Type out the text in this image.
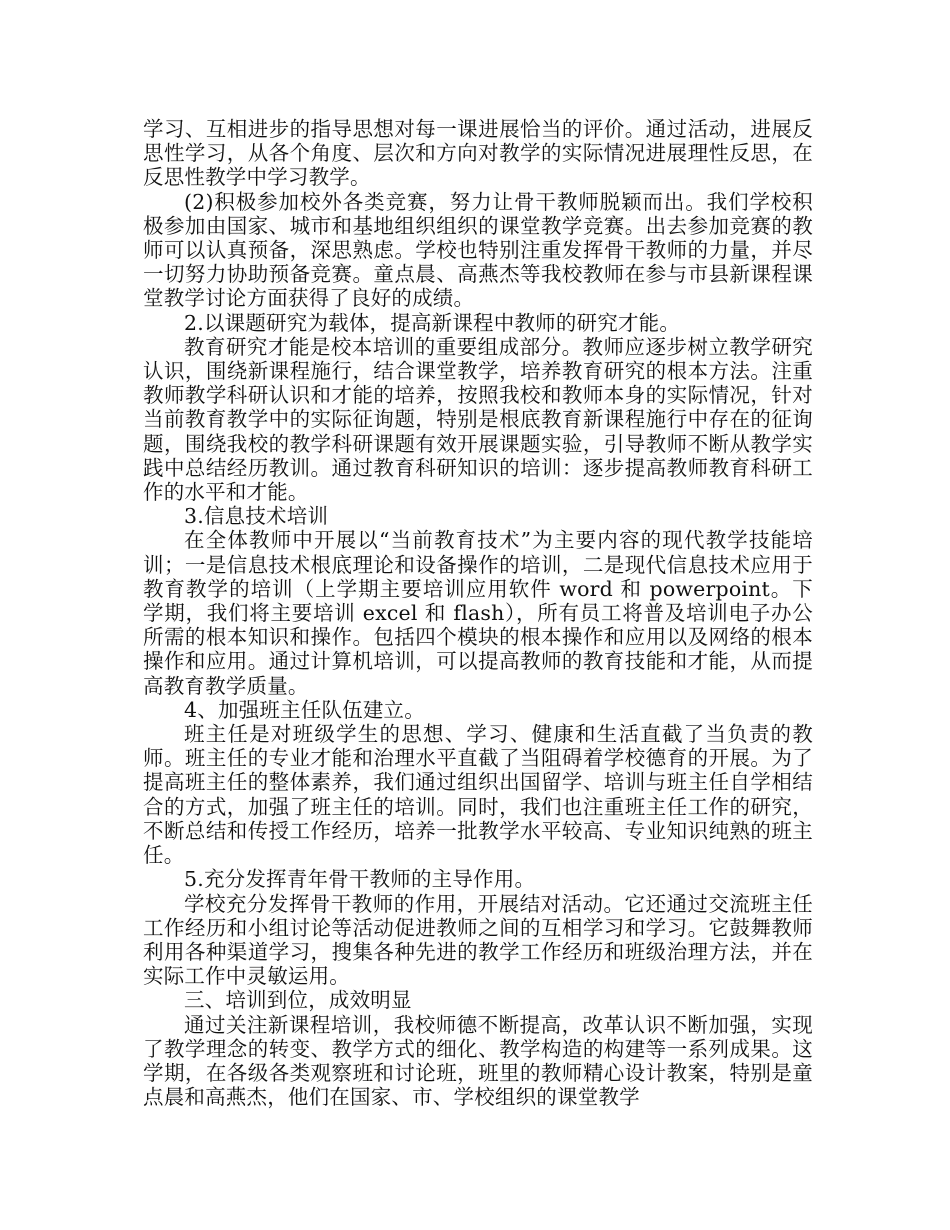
学习、互相进步的指导思想对每一课进展恰当的评价。通过活动，进展反思性学习，从各个角度、层次和方向对教学的实际情况进展理性反思，在反思性教学中学习教学。

(2)积极参加校外各类竞赛，努力让骨干教师脱颖而出。我们学校积极参加由国家、城市和基地组织组织的课堂教学竞赛。出去参加竞赛的教师可以认真预备，深思熟虑。学校也特别注重发挥骨干教师的力量，并尽一切努力协助预备竞赛。童点晨、高燕杰等我校教师在参与市县新课程课堂教学讨论方面获得了良好的成绩。

2.以课题研究为载体，提高新课程中教师的研究才能。

教育研究才能是校本培训的重要组成部分。教师应逐步树立教学研究认识，围绕新课程施行，结合课堂教学，培养教育研究的根本方法。注重教师教学科研认识和才能的培养，按照我校和教师本身的实际情况，针对当前教育教学中的实际征询题，特别是根底教育新课程施行中存在的征询题，围绕我校的教学科研课题有效开展课题实验，引导教师不断从教学实践中总结经历教训。通过教育科研知识的培训：逐步提高教师教育科研工作的水平和才能。

3.信息技术培训

在全体教师中开展以“当前教育技术”为主要内容的现代教学技能培训；一是信息技术根底理论和设备操作的培训，二是现代信息技术应用于教育教学的培训（上学期主要培训应用软件 word 和 powerpoint。下学期，我们将主要培训 excel 和 flash），所有员工将普及培训电子办公所需的根本知识和操作。包括四个模块的根本操作和应用以及网络的根本操作和应用。通过计算机培训，可以提高教师的教育技能和才能，从而提高教育教学质量。

4、加强班主任队伍建立。

班主任是对班级学生的思想、学习、健康和生活直截了当负责的教师。班主任的专业才能和治理水平直截了当阻碍着学校德育的开展。为了提高班主任的整体素养，我们通过组织出国留学、培训与班主任自学相结合的方式，加强了班主任的培训。同时，我们也注重班主任工作的研究，不断总结和传授工作经历，培养一批教学水平较高、专业知识纯熟的班主任。

5.充分发挥青年骨干教师的主导作用。

学校充分发挥骨干教师的作用，开展结对活动。它还通过交流班主任工作经历和小组讨论等活动促进教师之间的互相学习和学习。它鼓舞教师利用各种渠道学习，搜集各种先进的教学工作经历和班级治理方法，并在实际工作中灵敏运用。

三、培训到位，成效明显

通过关注新课程培训，我校师德不断提高，改革认识不断加强，实现了教学理念的转变、教学方式的细化、教学构造的构建等一系列成果。这学期，在各级各类观察班和讨论班，班里的教师精心设计教案，特别是童点晨和高燕杰，他们在国家、市、学校组织的课堂教学
